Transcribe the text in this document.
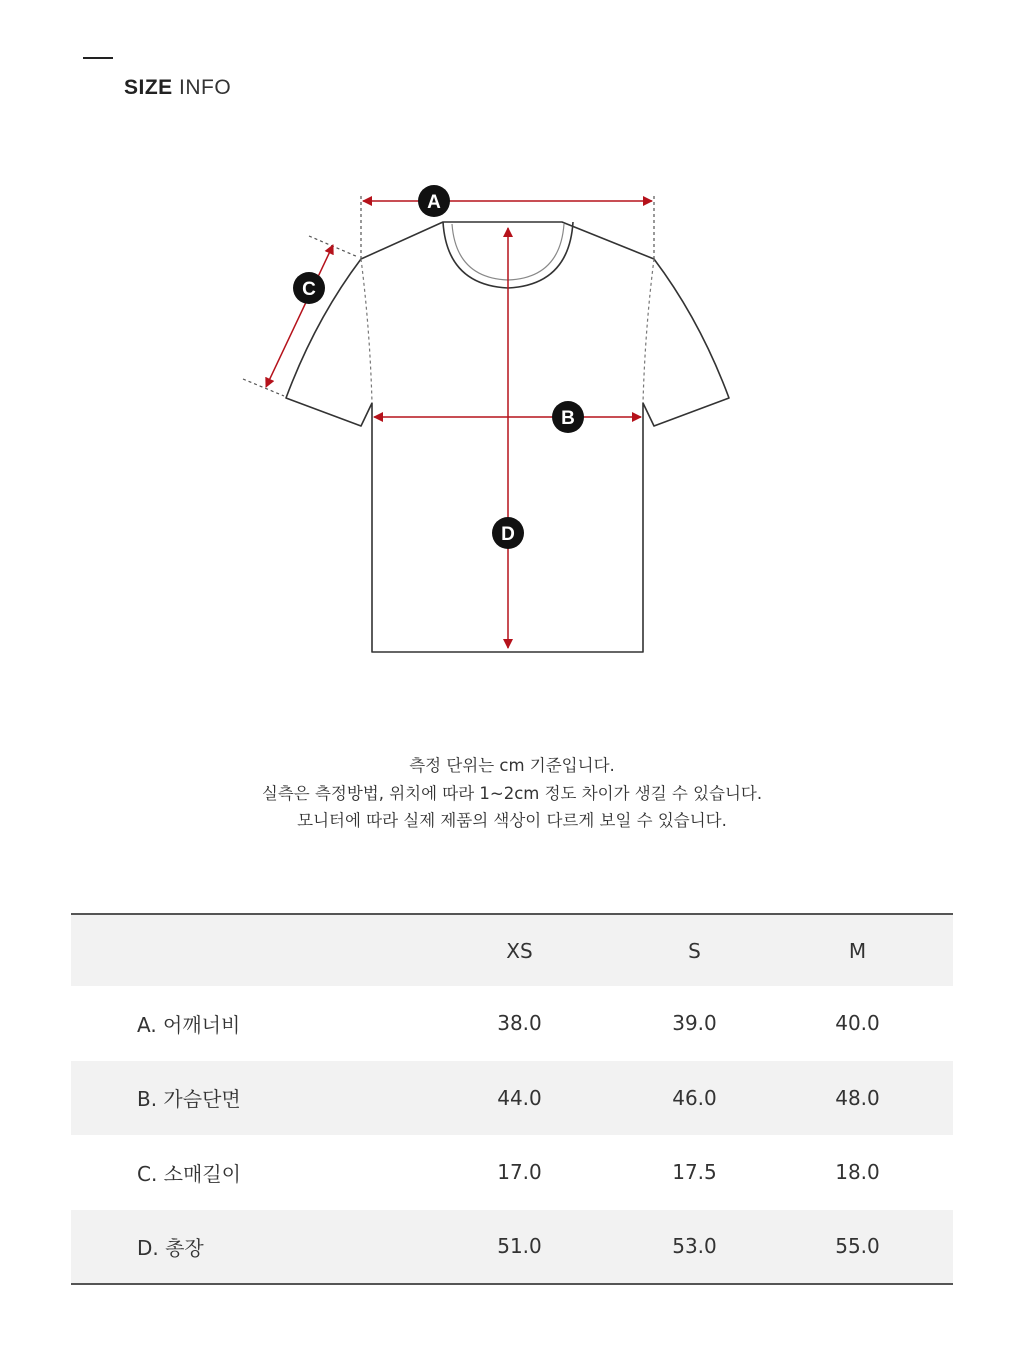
SIZE INFO
A
B
C
D
측정 단위는 cm 기준입니다.
실측은 측정방법, 위치에 따라 1~2cm 정도 차이가 생길 수 있습니다.
모니터에 따라 실제 제품의 색상이 다르게 보일 수 있습니다.
	XS	S	M
A. 어깨너비	38.0	39.0	40.0
B. 가슴단면	44.0	46.0	48.0
C. 소매길이	17.0	17.5	18.0
D. 총장	51.0	53.0	55.0
